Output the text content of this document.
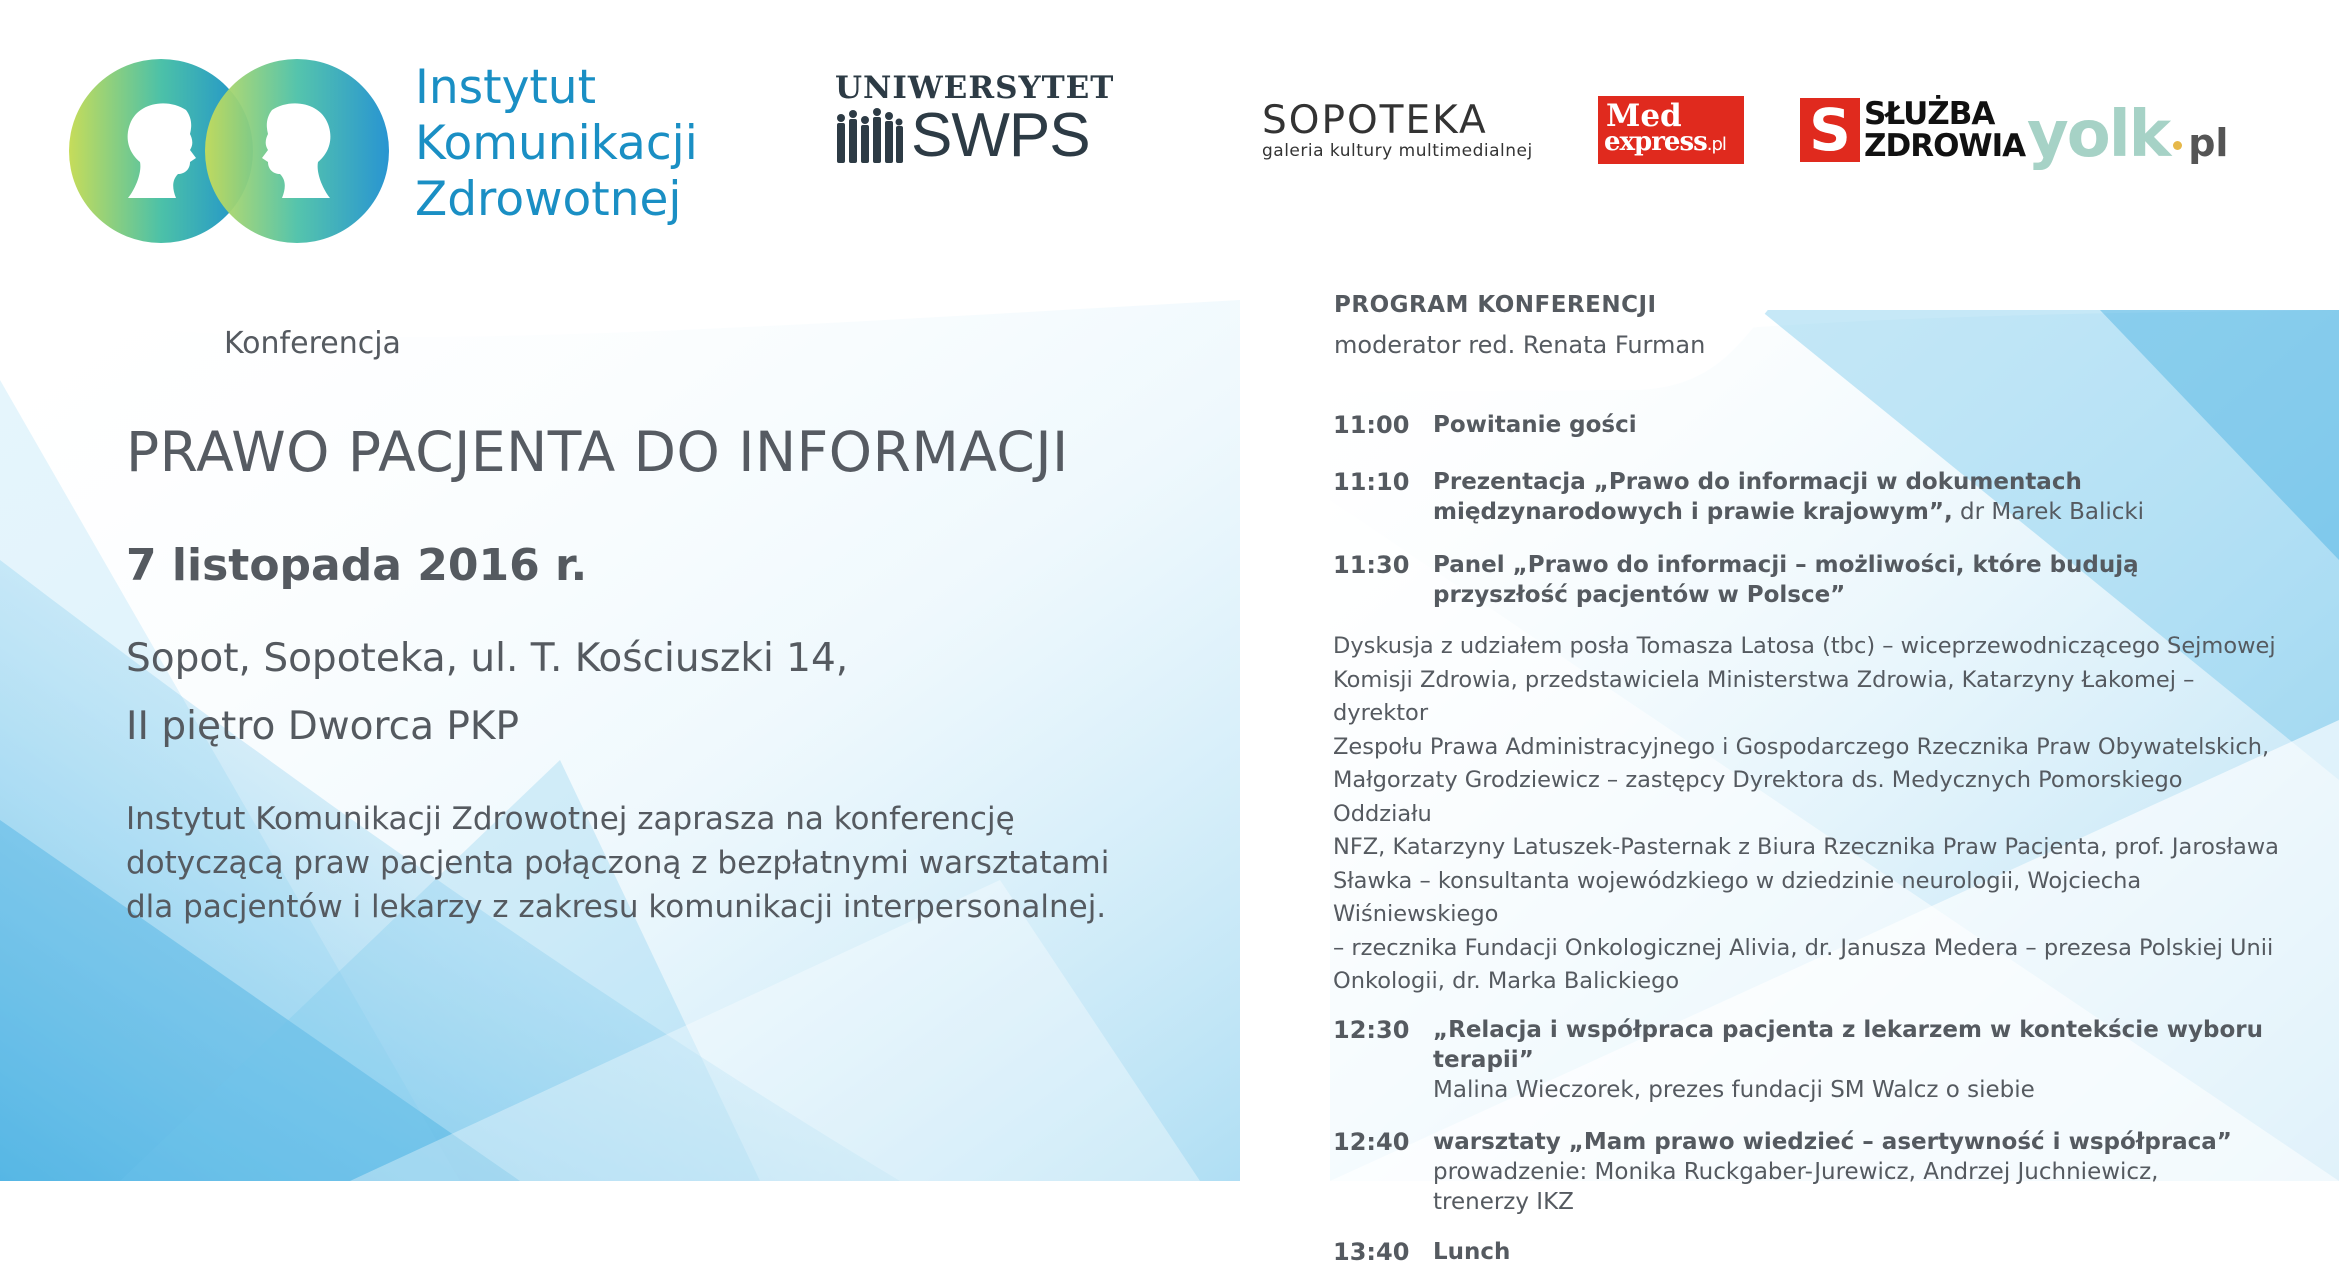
Instytut
Komunikacji
Zdrowotnej
UNIWERSYTET
SWPS	SOPOTEKA
galeria kultury multimedialnej
Med
express.pl S SŁUŻBA
ZDROWIA yolk pl
Konferencja
PRAWO PACJENTA DO INFORMACJI
7 listopada 2016 r.
Sopot, Sopoteka, ul. T. Kościuszki 14,
II piętro Dworca PKP
Instytut Komunikacji Zdrowotnej zaprasza na konferencję
dotyczącą praw pacjenta połączoną z bezpłatnymi warsztatami
dla pacjentów i lekarzy z zakresu komunikacji interpersonalnej.
PROGRAM KONFERENCJI
moderator red. Renata Furman
11:00	Powitanie gości
11:10	Prezentacja „Prawo do informacji w dokumentach
międzynarodowych i prawie krajowym”, dr Marek Balicki
11:30	Panel „Prawo do informacji – możliwości, które budują
przyszłość pacjentów w Polsce”
Dyskusja z udziałem posła Tomasza Latosa (tbc) – wiceprzewodniczącego Sejmowej
Komisji Zdrowia, przedstawiciela Ministerstwa Zdrowia, Katarzyny Łakomej – dyrektor
Zespołu Prawa Administracyjnego i Gospodarczego Rzecznika Praw Obywatelskich,
Małgorzaty Grodziewicz – zastępcy Dyrektora ds. Medycznych Pomorskiego Oddziału
NFZ, Katarzyny Latuszek-Pasternak z Biura Rzecznika Praw Pacjenta, prof. Jarosława
Sławka – konsultanta wojewódzkiego w dziedzinie neurologii, Wojciecha Wiśniewskiego
– rzecznika Fundacji Onkologicznej Alivia, dr. Janusza Medera – prezesa Polskiej Unii
Onkologii, dr. Marka Balickiego
12:30	„Relacja i współpraca pacjenta z lekarzem w kontekście wyboru terapii”
Malina Wieczorek, prezes fundacji SM Walcz o siebie
12:40	warsztaty „Mam prawo wiedzieć – asertywność i współpraca”
prowadzenie: Monika Ruckgaber-Jurewicz, Andrzej Juchniewicz,
trenerzy IKZ
13:40	Lunch
